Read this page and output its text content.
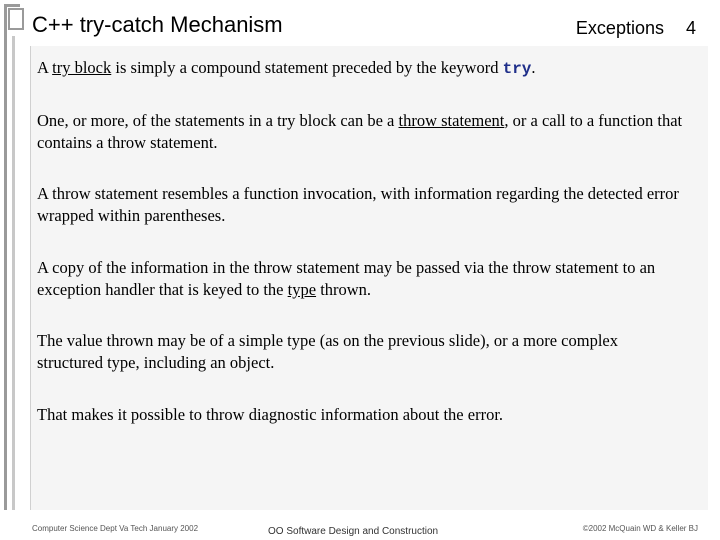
C++ try-catch Mechanism	Exceptions 4
A try block is simply a compound statement preceded by the keyword try.
One, or more, of the statements in a try block can be a throw statement, or a call to a function that contains a throw statement.
A throw statement resembles a function invocation, with information regarding the detected error wrapped within parentheses.
A copy of the information in the throw statement may be passed via the throw statement to an exception handler that is keyed to the type thrown.
The value thrown may be of a simple type (as on the previous slide), or a more complex structured type, including an object.
That makes it possible to throw diagnostic information about the error.
Computer Science Dept Va Tech January 2002	OO Software Design and Construction	©2002 McQuain WD & Keller BJ
